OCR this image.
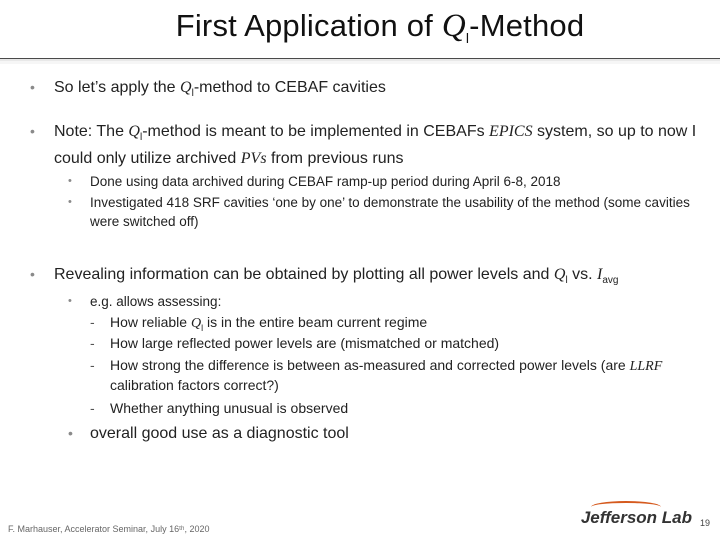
First Application of $Q_l$-Method
•	So let’s apply the $Q_l$-method to CEBAF cavities
•	Note: The $Q_l$-method is meant to be implemented in CEBAFs EPICS system, so up to now I could only utilize archived PVs from previous runs
•	Done using data archived during CEBAF ramp-up period during April 6-8, 2018
•	Investigated 418 SRF cavities ‘one by one’ to demonstrate the usability of the method (some cavities were switched off)
•	Revealing information can be obtained by plotting all power levels and $Q_l$ vs. $I_{avg}$
•	e.g. allows assessing:
-	How reliable $Q_l$ is in the entire beam current regime
-	How large reflected power levels are (mismatched or matched)
-	How strong the difference is between as-measured and corrected power levels (are LLRF calibration factors correct?)
-	Whether anything unusual is observed
•	overall good use as a diagnostic tool
F. Marhauser, Accelerator Seminar, July 16ᵗʰ, 2020
Jefferson Lab 19
